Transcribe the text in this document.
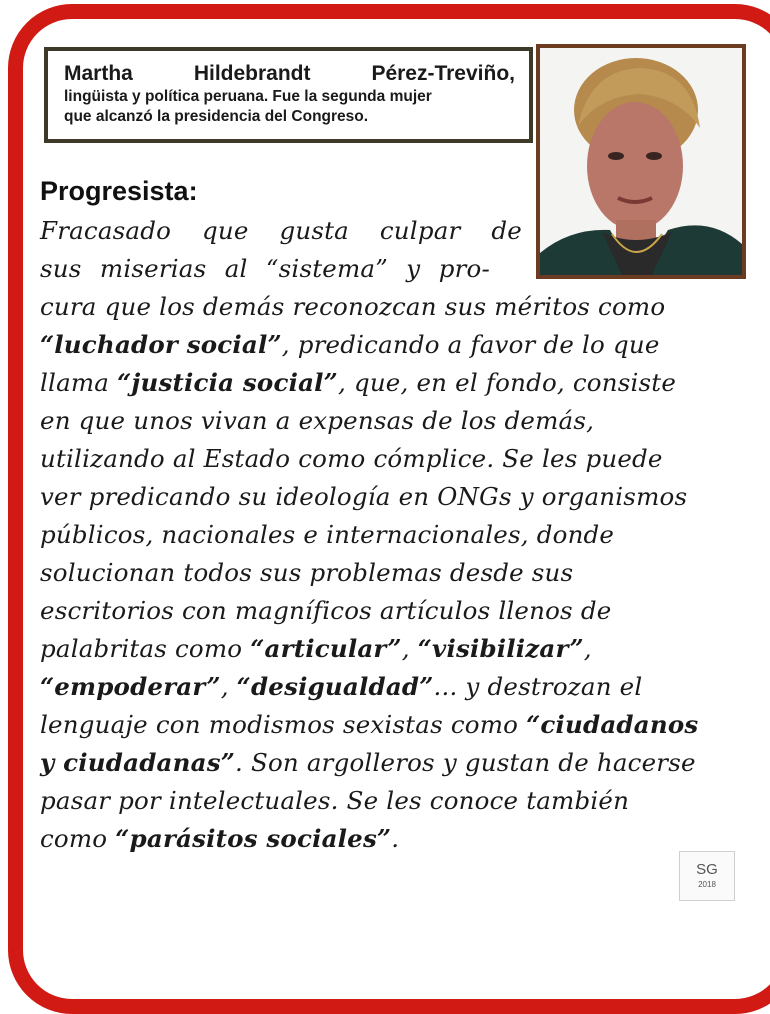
Martha	Hildebrandt	Pérez-Treviño,
lingüista y política peruana. Fue la segunda mujer
que alcanzó la presidencia del Congreso.
Progresista:
Fracasado que gusta culpar de
sus miserias al “sistema” y pro-
cura que los demás reconozcan sus méritos como
“luchador social”, predicando a favor de lo que
llama “justicia social”, que, en el fondo, consiste
en que unos vivan a expensas de los demás,
utilizando al Estado como cómplice. Se les puede
ver predicando su ideología en ONGs y organismos
públicos, nacionales e internacionales, donde
solucionan todos sus problemas desde sus
escritorios con magníficos artículos llenos de
palabritas como “articular”, “visibilizar”,
“empoderar”, “desigualdad”... y destrozan el
lenguaje con modismos sexistas como “ciudadanos
y ciudadanas”. Son argolleros y gustan de hacerse
pasar por intelectuales. Se les conoce también
como “parásitos sociales”.
SG
2018
